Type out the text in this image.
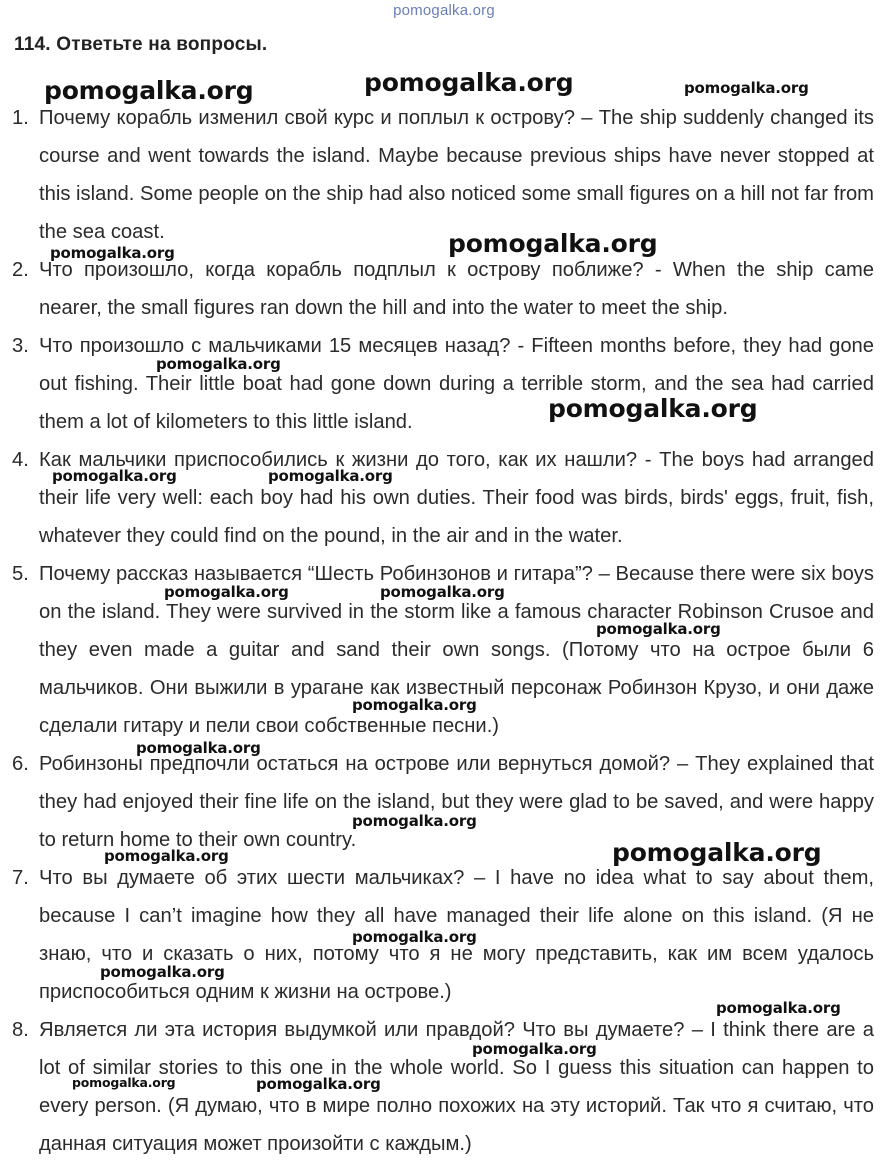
pomogalka.org
114. Ответьте на вопросы.
1. Почему корабль изменил свой курс и поплыл к острову? – The ship suddenly changed its course and went towards the island. Maybe because previous ships have never stopped at this island. Some people on the ship had also noticed some small figures on a hill not far from the sea coast.
2. Что произошло, когда корабль подплыл к острову поближе? - When the ship came nearer, the small figures ran down the hill and into the water to meet the ship.
3. Что произошло с мальчиками 15 месяцев назад? - Fifteen months before, they had gone out fishing. Their little boat had gone down during a terrible storm, and the sea had carried them a lot of kilometers to this little island.
4. Как мальчики приспособились к жизни до того, как их нашли? - The boys had arranged their life very well: each boy had his own duties. Their food was birds, birds' eggs, fruit, fish, whatever they could find on the pound, in the air and in the water.
5. Почему рассказ называется “Шесть Робинзонов и гитара”? – Because there were six boys on the island. They were survived in the storm like a famous character Robinson Crusoe and they even made a guitar and sand their own songs. (Потому что на острое были 6 мальчиков. Они выжили в урагане как известный персонаж Робинзон Крузо, и они даже сделали гитару и пели свои собственные песни.)
6. Робинзоны предпочли остаться на острове или вернуться домой? – They explained that they had enjoyed their fine life on the island, but they were glad to be saved, and were happy to return home to their own country.
7. Что вы думаете об этих шести мальчиках? – I have no idea what to say about them, because I can’t imagine how they all have managed their life alone on this island. (Я не знаю, что и сказать о них, потому что я не могу представить, как им всем удалось приспособиться одним к жизни на острове.)
8. Является ли эта история выдумкой или правдой? Что вы думаете? – I think there are a lot of similar stories to this one in the whole world. So I guess this situation can happen to every person. (Я думаю, что в мире полно похожих на эту историй. Так что я считаю, что данная ситуация может произойти с каждым.)
pomogalka.org	pomogalka.org	pomogalka.org
pomogalka.org
pomogalka.org
pomogalka.org
pomogalka.org
pomogalka.org	pomogalka.org
pomogalka.org	pomogalka.org
pomogalka.org
pomogalka.org
pomogalka.org
pomogalka.org
pomogalka.org
pomogalka.org
pomogalka.org
pomogalka.org
pomogalka.org
pomogalka.org
pomogalka.org	pomogalka.org
